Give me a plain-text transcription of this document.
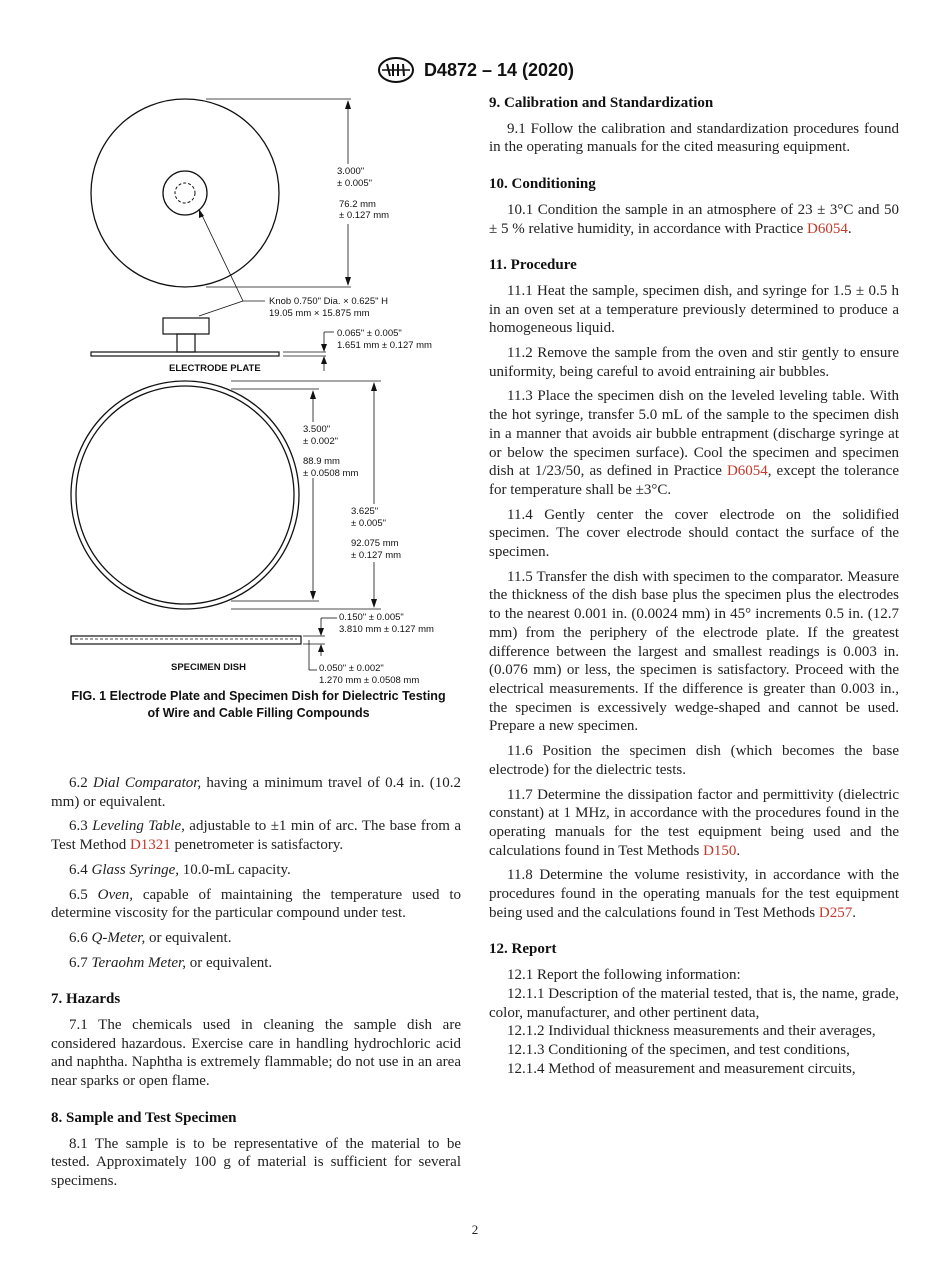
D4872 – 14 (2020)
3.000"
± 0.005"
76.2 mm
± 0.127 mm
Knob 0.750" Dia. × 0.625" H
19.05 mm × 15.875 mm
0.065" ± 0.005"
1.651 mm ± 0.127 mm
ELECTRODE PLATE
3.500"
± 0.002"
88.9 mm
± 0.0508 mm
3.625"
± 0.005"
92.075 mm
± 0.127 mm
0.150" ± 0.005"
3.810 mm ± 0.127 mm
SPECIMEN DISH	0.050" ± 0.002"
1.270 mm ± 0.0508 mm
FIG. 1 Electrode Plate and Specimen Dish for Dielectric Testing
of Wire and Cable Filling Compounds

6.2 Dial Comparator, having a minimum travel of 0.4 in. (10.2 mm) or equivalent.

6.3 Leveling Table, adjustable to ±1 min of arc. The base from a Test Method D1321 penetrometer is satisfactory.

6.4 Glass Syringe, 10.0-mL capacity.

6.5 Oven, capable of maintaining the temperature used to determine viscosity for the particular compound under test.

6.6 Q-Meter, or equivalent.

6.7 Teraohm Meter, or equivalent.

7. Hazards

7.1 The chemicals used in cleaning the sample dish are considered hazardous. Exercise care in handling hydrochloric acid and naphtha. Naphtha is extremely flammable; do not use in an area near sparks or open flame.

8. Sample and Test Specimen

8.1 The sample is to be representative of the material to be tested. Approximately 100 g of material is sufficient for several specimens.

9. Calibration and Standardization

9.1 Follow the calibration and standardization procedures found in the operating manuals for the cited measuring equipment.

10. Conditioning

10.1 Condition the sample in an atmosphere of 23 ± 3°C and 50 ± 5 % relative humidity, in accordance with Practice D6054.

11. Procedure

11.1 Heat the sample, specimen dish, and syringe for 1.5 ± 0.5 h in an oven set at a temperature previously determined to produce a homogeneous liquid.

11.2 Remove the sample from the oven and stir gently to ensure uniformity, being careful to avoid entraining air bubbles.

11.3 Place the specimen dish on the leveled leveling table. With the hot syringe, transfer 5.0 mL of the sample to the specimen dish in a manner that avoids air bubble entrapment (discharge syringe at or below the specimen surface). Cool the specimen and specimen dish at 1/23/50, as defined in Practice D6054, except the tolerance for temperature shall be ±3°C.

11.4 Gently center the cover electrode on the solidified specimen. The cover electrode should contact the surface of the specimen.

11.5 Transfer the dish with specimen to the comparator. Measure the thickness of the dish base plus the specimen plus the electrodes to the nearest 0.001 in. (0.0024 mm) in 45° increments 0.5 in. (12.7 mm) from the periphery of the electrode plate. If the greatest difference between the largest and smallest readings is 0.003 in. (0.076 mm) or less, the specimen is satisfactory. Proceed with the electrical measurements. If the difference is greater than 0.003 in., the specimen is excessively wedge-shaped and cannot be used. Prepare a new specimen.

11.6 Position the specimen dish (which becomes the base electrode) for the dielectric tests.

11.7 Determine the dissipation factor and permittivity (dielectric constant) at 1 MHz, in accordance with the procedures found in the operating manuals for the test equipment being used and the calculations found in Test Methods D150.

11.8 Determine the volume resistivity, in accordance with the procedures found in the operating manuals for the test equipment being used and the calculations found in Test Methods D257.

12. Report

12.1 Report the following information:

12.1.1 Description of the material tested, that is, the name, grade, color, manufacturer, and other pertinent data,

12.1.2 Individual thickness measurements and their averages,

12.1.3 Conditioning of the specimen, and test conditions,

12.1.4 Method of measurement and measurement circuits,

2
